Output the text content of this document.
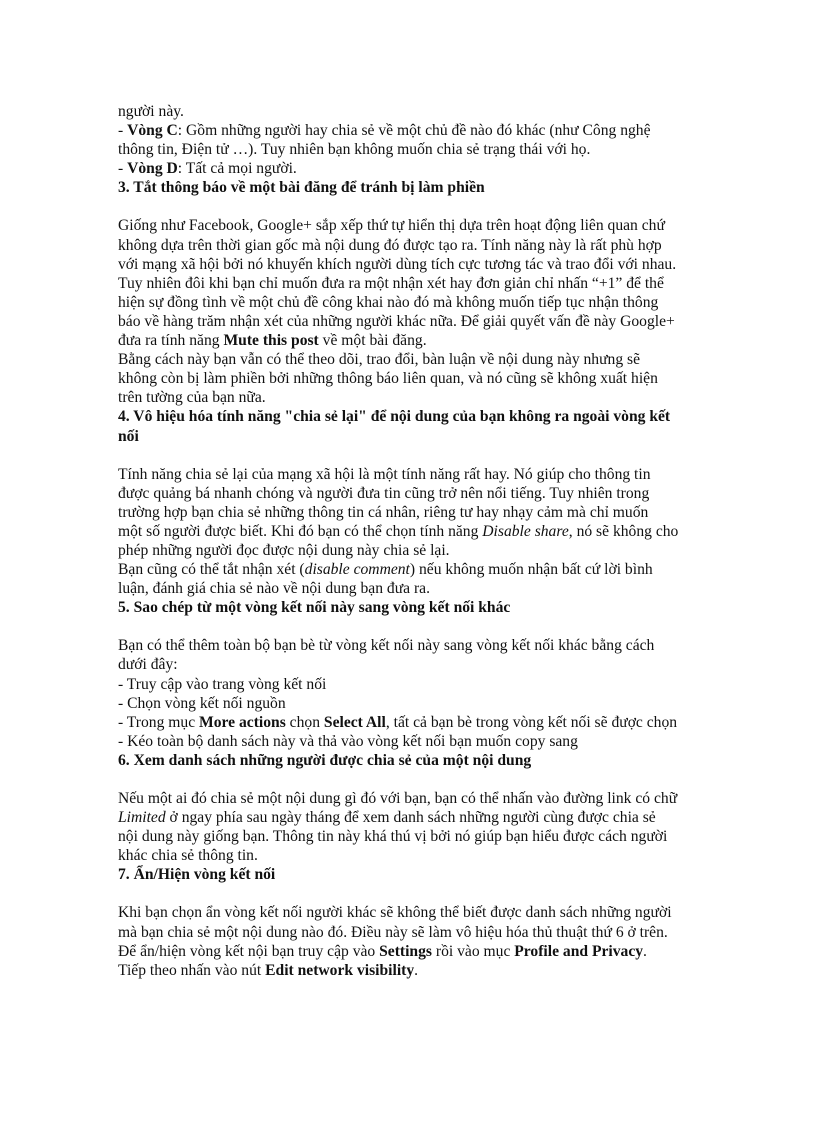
người này.

- Vòng C: Gồm những người hay chia sẻ về một chủ đề nào đó khác (như Công nghệ

thông tin, Điện tử …). Tuy nhiên bạn không muốn chia sẻ trạng thái với họ.

- Vòng D: Tất cả mọi người.

3. Tắt thông báo về một bài đăng để tránh bị làm phiền

Giống như Facebook, Google+ sắp xếp thứ tự hiển thị dựa trên hoạt động liên quan chứ

không dựa trên thời gian gốc mà nội dung đó được tạo ra. Tính năng này là rất phù hợp

với mạng xã hội bởi nó khuyến khích người dùng tích cực tương tác và trao đổi với nhau.

Tuy nhiên đôi khi bạn chỉ muốn đưa ra một nhận xét hay đơn giản chỉ nhấn “+1” để thể

hiện sự đồng tình về một chủ đề công khai nào đó mà không muốn tiếp tục nhận thông

báo về hàng trăm nhận xét của những người khác nữa. Để giải quyết vấn đề này Google+

đưa ra tính năng Mute this post về một bài đăng.

Bằng cách này bạn vẫn có thể theo dõi, trao đổi, bàn luận về nội dung này nhưng sẽ

không còn bị làm phiền bởi những thông báo liên quan, và nó cũng sẽ không xuất hiện

trên tường của bạn nữa.

4. Vô hiệu hóa tính năng "chia sẻ lại" để nội dung của bạn không ra ngoài vòng kết

nối

Tính năng chia sẻ lại của mạng xã hội là một tính năng rất hay. Nó giúp cho thông tin

được quảng bá nhanh chóng và người đưa tin cũng trở nên nổi tiếng. Tuy nhiên trong

trường hợp bạn chia sẻ những thông tin cá nhân, riêng tư hay nhạy cảm mà chỉ muốn

một số người được biết. Khi đó bạn có thể chọn tính năng Disable share, nó sẽ không cho

phép những người đọc được nội dung này chia sẻ lại.

Bạn cũng có thể tắt nhận xét (disable comment) nếu không muốn nhận bất cứ lời bình

luận, đánh giá chia sẻ nào về nội dung bạn đưa ra.

5. Sao chép từ một vòng kết nối này sang vòng kết nối khác

Bạn có thể thêm toàn bộ bạn bè từ vòng kết nối này sang vòng kết nối khác bằng cách

dưới đây:

- Truy cập vào trang vòng kết nối

- Chọn vòng kết nối nguồn

- Trong mục More actions chọn Select All, tất cả bạn bè trong vòng kết nối sẽ được chọn

- Kéo toàn bộ danh sách này và thả vào vòng kết nối bạn muốn copy sang

6. Xem danh sách những người được chia sẻ của một nội dung

Nếu một ai đó chia sẻ một nội dung gì đó với bạn, bạn có thể nhấn vào đường link có chữ

Limited ở ngay phía sau ngày tháng để xem danh sách những người cùng được chia sẻ

nội dung này giống bạn. Thông tin này khá thú vị bởi nó giúp bạn hiểu được cách người

khác chia sẻ thông tin.

7. Ẩn/Hiện vòng kết nối

Khi bạn chọn ẩn vòng kết nối người khác sẽ không thể biết được danh sách những người

mà bạn chia sẻ một nội dung nào đó. Điều này sẽ làm vô hiệu hóa thủ thuật thứ 6 ở trên.

Để ẩn/hiện vòng kết nội bạn truy cập vào Settings rồi vào mục Profile and Privacy.

Tiếp theo nhấn vào nút Edit network visibility.
